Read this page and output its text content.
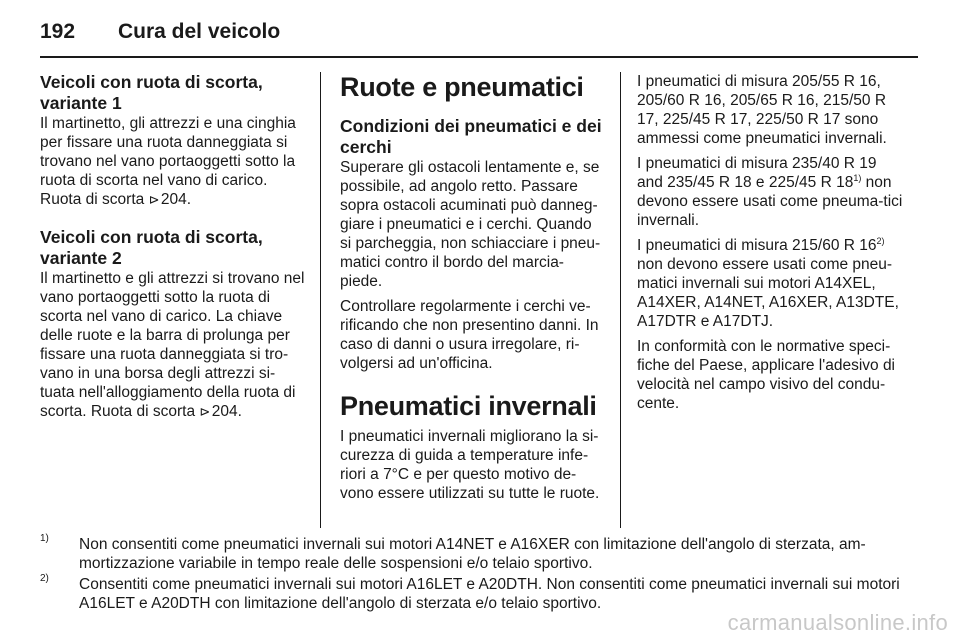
192 Cura del veicolo
Veicoli con ruota di scorta, variante 1

Il martinetto, gli attrezzi e una cinghia per fissare una ruota danneggiata si trovano nel vano portaoggetti sotto la ruota di scorta nel vano di carico. Ruota di scorta ⊳ 204.

Veicoli con ruota di scorta, variante 2

Il martinetto e gli attrezzi si trovano nel vano portaoggetti sotto la ruota di scorta nel vano di carico. La chiave delle ruote e la barra di prolunga per fissare una ruota danneggiata si tro-vano in una borsa degli attrezzi si-tuata nell'alloggiamento della ruota di scorta. Ruota di scorta ⊳ 204.

Ruote e pneumatici
Condizioni dei pneumatici e dei cerchi

Superare gli ostacoli lentamente e, se possibile, ad angolo retto. Passare sopra ostacoli acuminati può danneg-giare i pneumatici e i cerchi. Quando si parcheggia, non schiacciare i pneu-matici contro il bordo del marcia-piede.

Controllare regolarmente i cerchi ve-rificando che non presentino danni. In caso di danni o usura irregolare, ri-volgersi ad un'officina.

Pneumatici invernali

I pneumatici invernali migliorano la si-curezza di guida a temperature infe-riori a 7°C e per questo motivo de-vono essere utilizzati su tutte le ruote.

I pneumatici di misura 205/55 R 16, 205/60 R 16, 205/65 R 16, 215/50 R 17, 225/45 R 17, 225/50 R 17 sono ammessi come pneumatici invernali.

I pneumatici di misura 235/40 R 19 and 235/45 R 18 e 225/45 R 18$^{1)}$ non devono essere usati come pneuma-tici invernali.

I pneumatici di misura 215/60 R 16$^{2)}$ non devono essere usati come pneu-matici invernali sui motori A14XEL, A14XER, A14NET, A16XER, A13DTE, A17DTR e A17DTJ.

In conformità con le normative speci-fiche del Paese, applicare l'adesivo di velocità nel campo visivo del condu-cente.

1) Non consentiti come pneumatici invernali sui motori A14NET e A16XER con limitazione dell'angolo di sterzata, am-mortizzazione variabile in tempo reale delle sospensioni e/o telaio sportivo.
2) Consentiti come pneumatici invernali sui motori A16LET e A20DTH. Non consentiti come pneumatici invernali sui motori A16LET e A20DTH con limitazione dell'angolo di sterzata e/o telaio sportivo.
carmanualsonline.info
